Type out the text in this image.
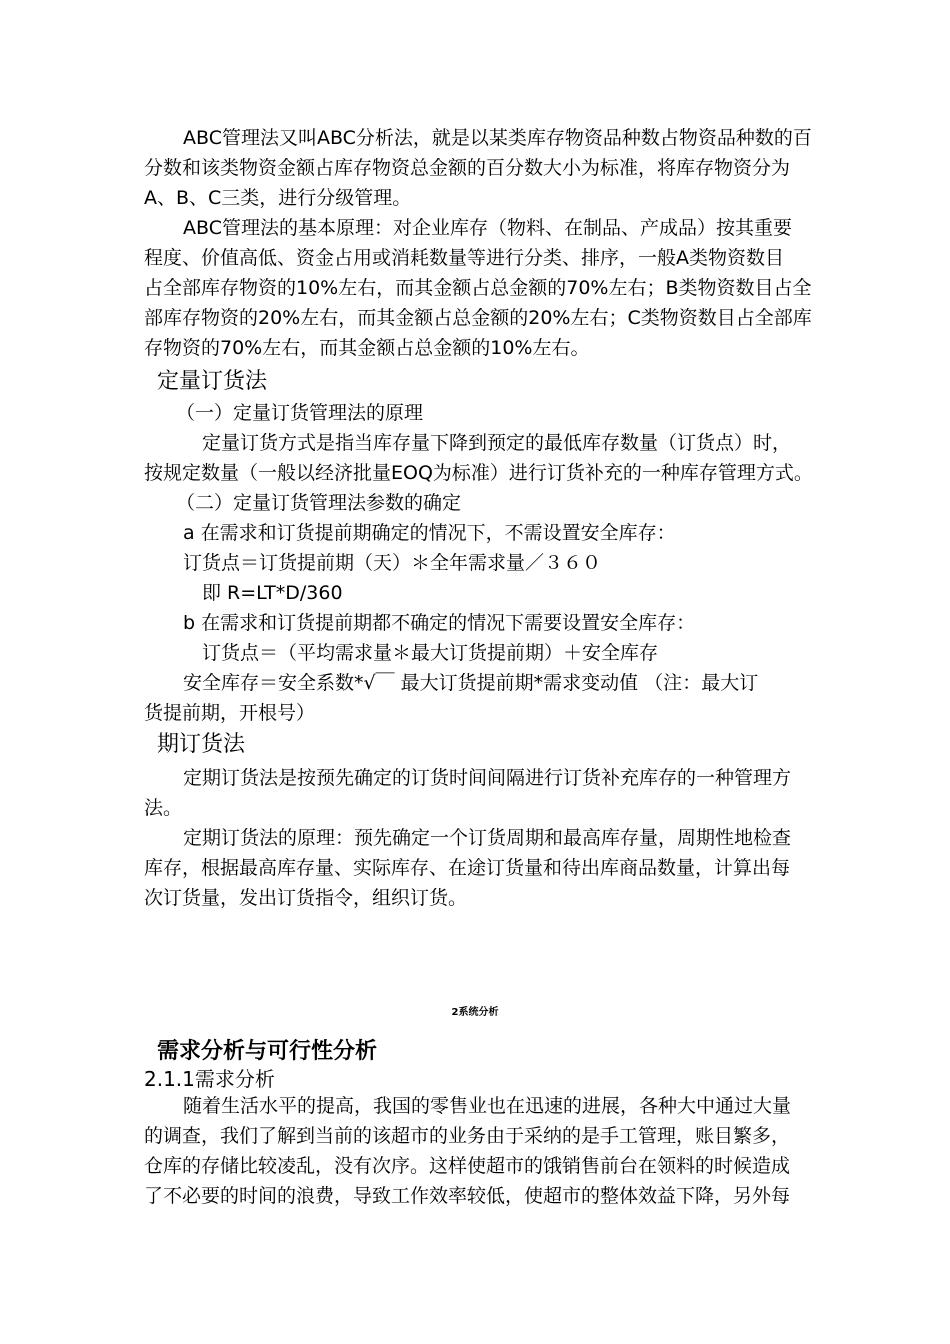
ABC管理法又叫ABC分析法，就是以某类库存物资品种数占物资品种数的百
分数和该类物资金额占库存物资总金额的百分数大小为标准，将库存物资分为
A、B、C三类，进行分级管理。
ABC管理法的基本原理：对企业库存（物料、在制品、产成品）按其重要
程度、价值高低、资金占用或消耗数量等进行分类、排序，一般A类物资数目
占全部库存物资的10%左右，而其金额占总金额的70%左右；B类物资数目占全
部库存物资的20%左右，而其金额占总金额的20%左右；C类物资数目占全部库
存物资的70%左右，而其金额占总金额的10%左右。
定量订货法
（一）定量订货管理法的原理
定量订货方式是指当库存量下降到预定的最低库存数量（订货点）时，
按规定数量（一般以经济批量EOQ为标准）进行订货补充的一种库存管理方式。
（二）定量订货管理法参数的确定
a 在需求和订货提前期确定的情况下，不需设置安全库存：
订货点＝订货提前期（天）＊全年需求量／３６０
即 R=LT*D/360
b 在需求和订货提前期都不确定的情况下需要设置安全库存：
订货点＝（平均需求量＊最大订货提前期）＋安全库存
安全库存＝安全系数*√￣ 最大订货提前期*需求变动值 （注：最大订
货提前期，开根号）
期订货法
定期订货法是按预先确定的订货时间间隔进行订货补充库存的一种管理方
法。
定期订货法的原理：预先确定一个订货周期和最高库存量，周期性地检查
库存，根据最高库存量、实际库存、在途订货量和待出库商品数量，计算出每
次订货量，发出订货指令，组织订货。
2系统分析
需求分析与可行性分析
2.1.1需求分析
随着生活水平的提高，我国的零售业也在迅速的进展，各种大中通过大量
的调查，我们了解到当前的该超市的业务由于采纳的是手工管理，账目繁多，
仓库的存储比较凌乱，没有次序。这样使超市的饿销售前台在领料的时候造成
了不必要的时间的浪费，导致工作效率较低，使超市的整体效益下降，另外每
